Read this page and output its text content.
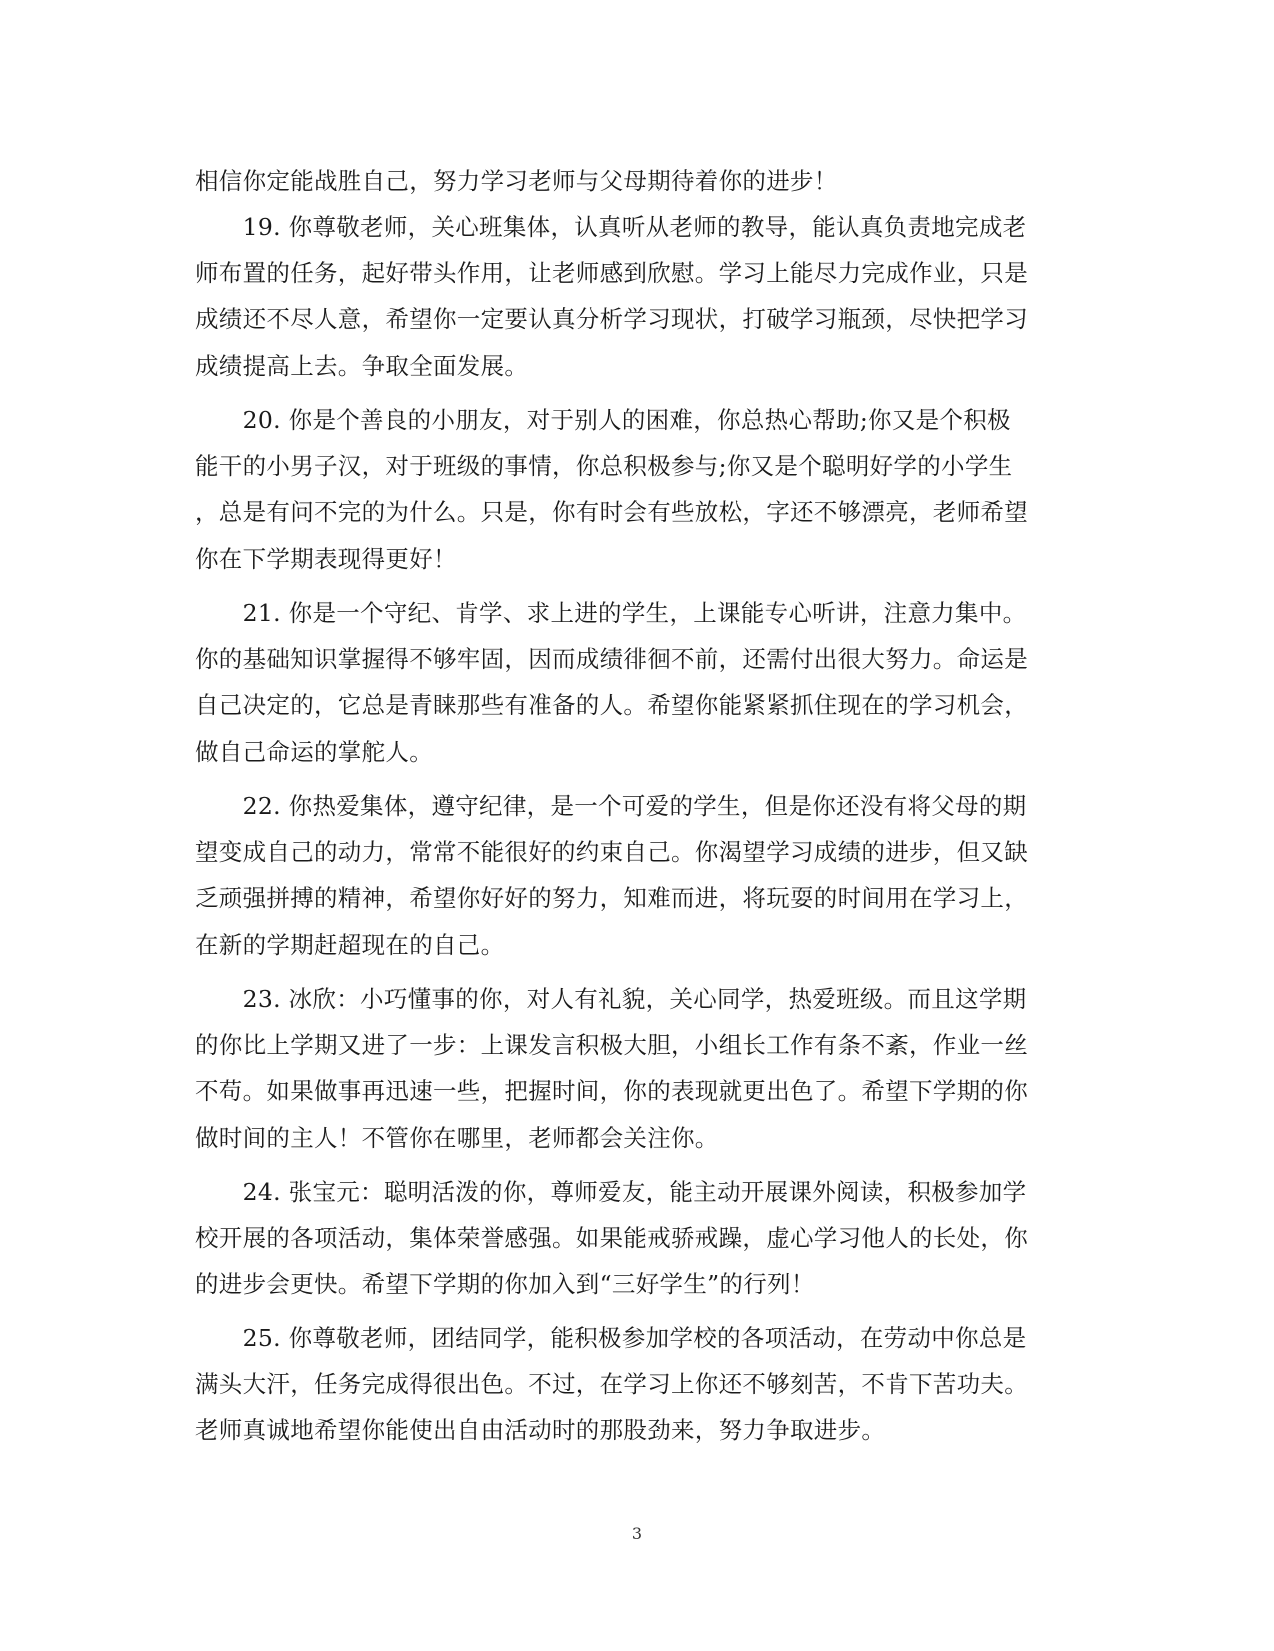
相信你定能战胜自己，努力学习老师与父母期待着你的进步！
　　19. 你尊敬老师，关心班集体，认真听从老师的教导，能认真负责地完成老
师布置的任务，起好带头作用，让老师感到欣慰。学习上能尽力完成作业，只是
成绩还不尽人意，希望你一定要认真分析学习现状，打破学习瓶颈，尽快把学习
成绩提高上去。争取全面发展。
　　20. 你是个善良的小朋友，对于别人的困难，你总热心帮助;你又是个积极
能干的小男子汉，对于班级的事情，你总积极参与;你又是个聪明好学的小学生
，总是有问不完的为什么。只是，你有时会有些放松，字还不够漂亮，老师希望
你在下学期表现得更好！
　　21. 你是一个守纪、肯学、求上进的学生，上课能专心听讲，注意力集中。
你的基础知识掌握得不够牢固，因而成绩徘徊不前，还需付出很大努力。命运是
自己决定的，它总是青睐那些有准备的人。希望你能紧紧抓住现在的学习机会，
做自己命运的掌舵人。
　　22. 你热爱集体，遵守纪律，是一个可爱的学生，但是你还没有将父母的期
望变成自己的动力，常常不能很好的约束自己。你渴望学习成绩的进步，但又缺
乏顽强拼搏的精神，希望你好好的努力，知难而进，将玩耍的时间用在学习上，
在新的学期赶超现在的自己。
　　23. 冰欣：小巧懂事的你，对人有礼貌，关心同学，热爱班级。而且这学期
的你比上学期又进了一步：上课发言积极大胆，小组长工作有条不紊，作业一丝
不苟。如果做事再迅速一些，把握时间，你的表现就更出色了。希望下学期的你
做时间的主人！不管你在哪里，老师都会关注你。
　　24. 张宝元：聪明活泼的你，尊师爱友，能主动开展课外阅读，积极参加学
校开展的各项活动，集体荣誉感强。如果能戒骄戒躁，虚心学习他人的长处，你
的进步会更快。希望下学期的你加入到“三好学生”的行列！
　　25. 你尊敬老师，团结同学，能积极参加学校的各项活动，在劳动中你总是
满头大汗，任务完成得很出色。不过，在学习上你还不够刻苦，不肯下苦功夫。
老师真诚地希望你能使出自由活动时的那股劲来，努力争取进步。
3
